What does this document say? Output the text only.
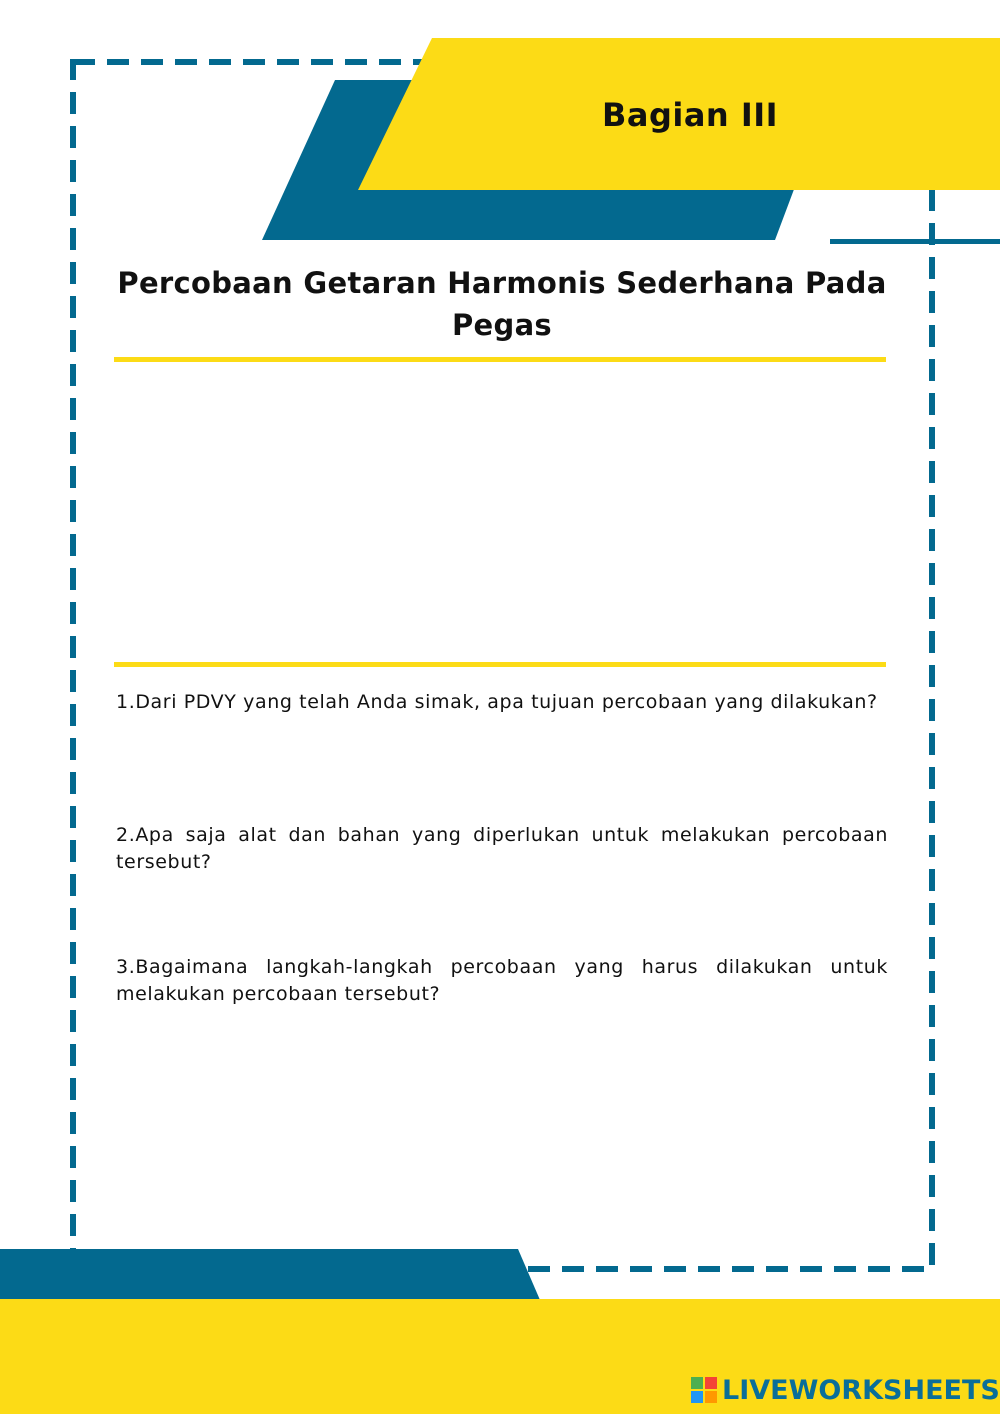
Bagian III
Percobaan Getaran Harmonis Sederhana Pada Pegas
1.Dari PDVY yang telah Anda simak, apa tujuan percobaan yang dilakukan?
2.Apa saja alat dan bahan yang diperlukan untuk melakukan percobaan tersebut?
3.Bagaimana langkah-langkah percobaan yang harus dilakukan untuk melakukan percobaan tersebut?
LIVEWORKSHEETS
